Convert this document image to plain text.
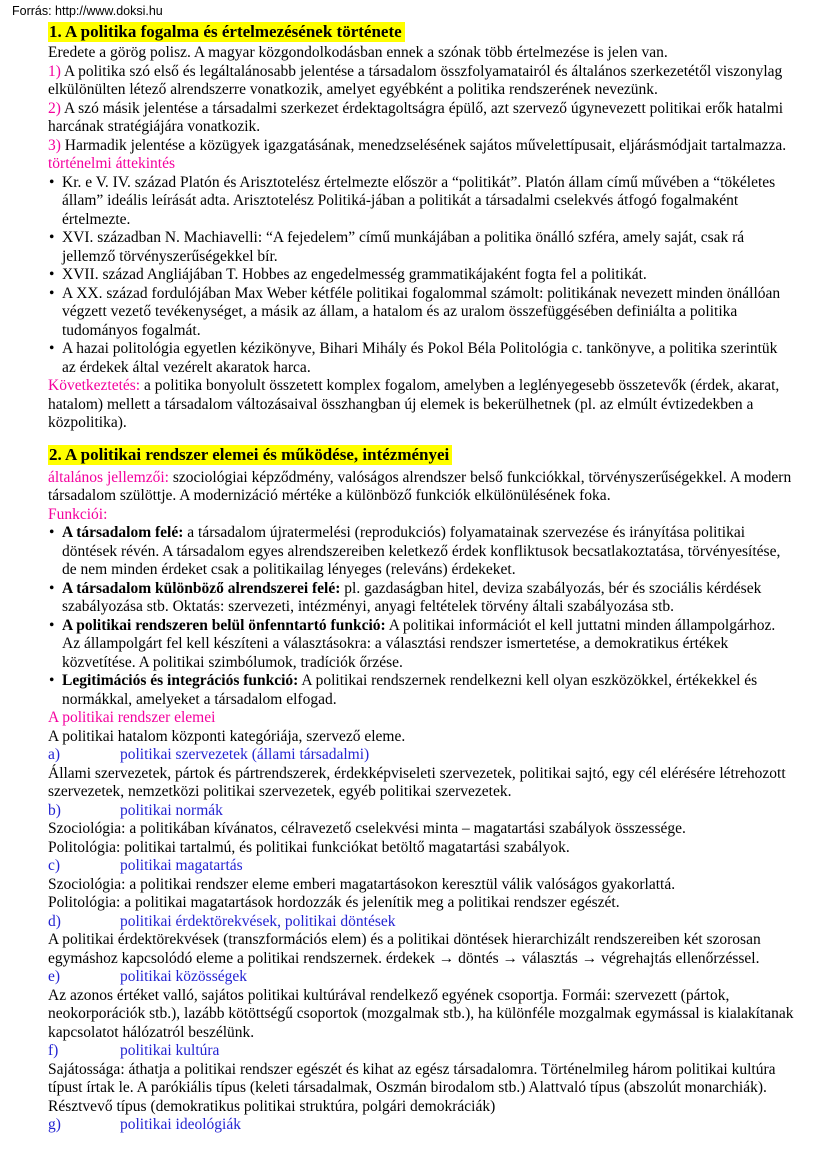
Forrás: http://www.doksi.hu
1. A politika fogalma és értelmezésének története
Eredete a görög polisz. A magyar közgondolkodásban ennek a szónak több értelmezése is jelen van.
1) A politika szó első és legáltalánosabb jelentése a társadalom összfolyamatairól és általános szerkezetétől viszonylag elkülönülten létező alrendszerre vonatkozik, amelyet egyébként a politika rendszerének nevezünk.
2) A szó másik jelentése a társadalmi szerkezet érdektagoltságra épülő, azt szervező úgynevezett politikai erők hatalmi harcának stratégiájára vonatkozik.
3) Harmadik jelentése a közügyek igazgatásának, menedzselésének sajátos művelettípusait, eljárásmódjait tartalmazza.
történelmi áttekintés
• Kr. e V. IV. század Platón és Arisztotelész értelmezte először a “politikát”. Platón állam című művében a “tökéletes állam” ideális leírását adta. Arisztotelész Politiká-jában a politikát a társadalmi cselekvés átfogó fogalmaként értelmezte.
• XVI. században N. Machiavelli: “A fejedelem” című munkájában a politika önálló szféra, amely saját, csak rá jellemző törvényszerűségekkel bír.
• XVII. század Angliájában T. Hobbes az engedelmesség grammatikájaként fogta fel a politikát.
• A XX. század fordulójában Max Weber kétféle politikai fogalommal számolt: politikának nevezett minden önállóan végzett vezető tevékenységet, a másik az állam, a hatalom és az uralom összefüggésében definiálta a politika tudományos fogalmát.
• A hazai politológia egyetlen kézikönyve, Bihari Mihály és Pokol Béla Politológia c. tankönyve, a politika szerintük az érdekek által vezérelt akaratok harca.
Következtetés: a politika bonyolult összetett komplex fogalom, amelyben a leglényegesebb összetevők (érdek, akarat, hatalom) mellett a társadalom változásaival összhangban új elemek is bekerülhetnek (pl. az elmúlt évtizedekben a közpolitika).
2. A politikai rendszer elemei és működése, intézményei
általános jellemzői: szociológiai képződmény, valóságos alrendszer belső funkciókkal, törvényszerűségekkel. A modern társadalom szülöttje. A modernizáció mértéke a különböző funkciók elkülönülésének foka.
Funkciói:
• A társadalom felé: a társadalom újratermelési (reprodukciós) folyamatainak szervezése és irányítása politikai döntések révén. A társadalom egyes alrendszereiben keletkező érdek konfliktusok becsatlakoztatása, törvényesítése, de nem minden érdeket csak a politikailag lényeges (releváns) érdekeket.
• A társadalom különböző alrendszerei felé: pl. gazdaságban hitel, deviza szabályozás, bér és szociális kérdések szabályozása stb. Oktatás: szervezeti, intézményi, anyagi feltételek törvény általi szabályozása stb.
• A politikai rendszeren belül önfenntartó funkció: A politikai információt el kell juttatni minden állampolgárhoz. Az állampolgárt fel kell készíteni a választásokra: a választási rendszer ismertetése, a demokratikus értékek közvetítése. A politikai szimbólumok, tradíciók őrzése.
• Legitimációs és integrációs funkció: A politikai rendszernek rendelkezni kell olyan eszközökkel, értékekkel és normákkal, amelyeket a társadalom elfogad.
A politikai rendszer elemei
A politikai hatalom központi kategóriája, szervező eleme.
a)	politikai szervezetek (állami társadalmi)
Állami szervezetek, pártok és pártrendszerek, érdekképviseleti szervezetek, politikai sajtó, egy cél elérésére létrehozott szervezetek, nemzetközi politikai szervezetek, egyéb politikai szervezetek.
b)	politikai normák
Szociológia: a politikában kívánatos, célravezető cselekvési minta – magatartási szabályok összessége.
Politológia: politikai tartalmú, és politikai funkciókat betöltő magatartási szabályok.
c)	politikai magatartás
Szociológia: a politikai rendszer eleme emberi magatartásokon keresztül válik valóságos gyakorlattá.
Politológia: a politikai magatartások hordozzák és jelenítik meg a politikai rendszer egészét.
d)	politikai érdektörekvések, politikai döntések
A politikai érdektörekvések (transzformációs elem) és a politikai döntések hierarchizált rendszereiben két szorosan egymáshoz kapcsolódó eleme a politikai rendszernek. érdekek → döntés → választás → végrehajtás ellenőrzéssel.
e)	politikai közösségek
Az azonos értéket valló, sajátos politikai kultúrával rendelkező egyének csoportja. Formái: szervezett (pártok, neokorporációk stb.), lazább kötöttségű csoportok (mozgalmak stb.), ha különféle mozgalmak egymással is kialakítanak kapcsolatot hálózatról beszélünk.
f)	politikai kultúra
Sajátossága: áthatja a politikai rendszer egészét és kihat az egész társadalomra. Történelmileg három politikai kultúra típust írtak le. A parókiális típus (keleti társadalmak, Oszmán birodalom stb.) Alattvaló típus (abszolút monarchiák). Résztvevő típus (demokratikus politikai struktúra, polgári demokráciák)
g)	politikai ideológiák
